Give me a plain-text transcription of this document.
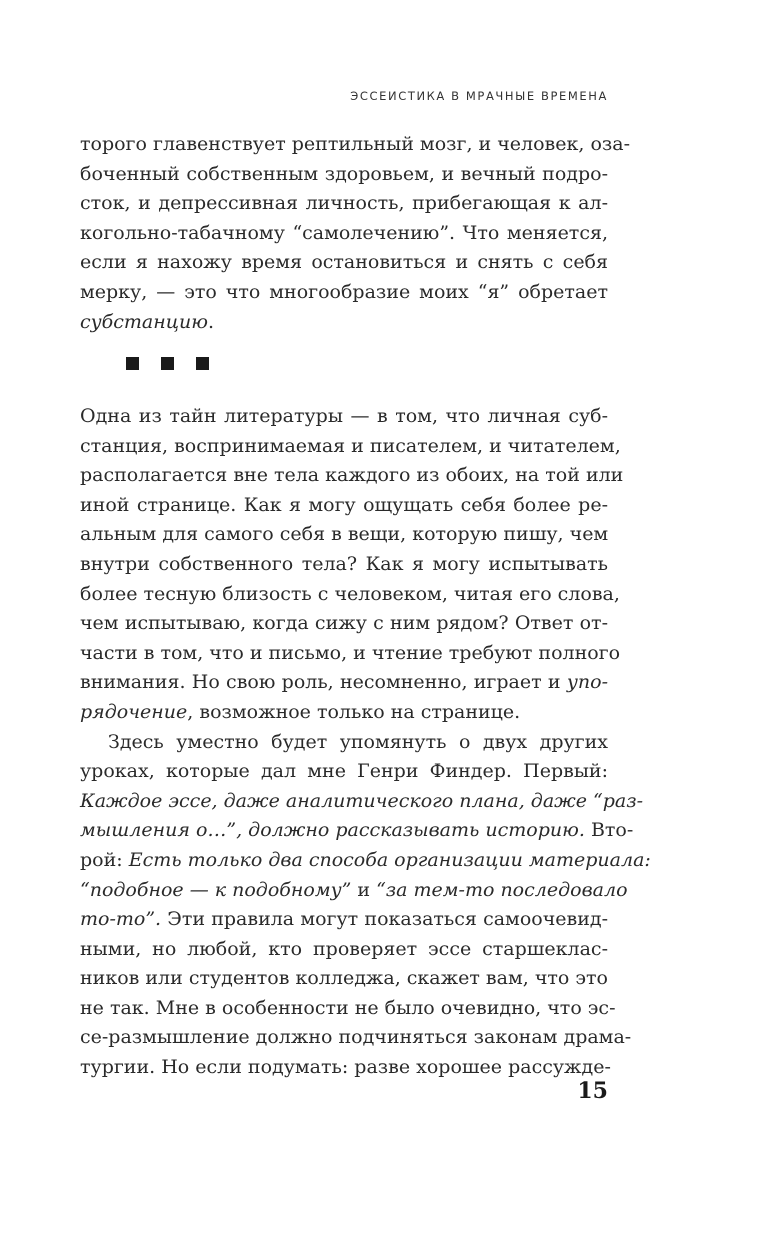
ЭССЕИСТИКА В МРАЧНЫЕ ВРЕМЕНА
торого главенствует рептильный мозг, и человек, оза-
боченный собственным здоровьем, и вечный подро-
сток, и депрессивная личность, прибегающая к ал-
когольно-табачному “самолечению”. Что меняется,
если я нахожу время остановиться и снять с себя
мерку, — это что многообразие моих “я” обретает
субстанцию.
Одна из тайн литературы — в том, что личная суб-
станция, воспринимаемая и писателем, и читателем,
располагается вне тела каждого из обоих, на той или
иной странице. Как я могу ощущать себя более ре-
альным для самого себя в вещи, которую пишу, чем
внутри собственного тела? Как я могу испытывать
более тесную близость с человеком, читая его слова,
чем испытываю, когда сижу с ним рядом? Ответ от-
части в том, что и письмо, и чтение требуют полного
внимания. Но свою роль, несомненно, играет и упо-
рядочение, возможное только на странице.
Здесь уместно будет упомянуть о двух других
уроках, которые дал мне Генри Финдер. Первый:
Каждое эссе, даже аналитического плана, даже “раз-
мышления о…”, должно рассказывать историю. Вто-
рой: Есть только два способа организации материала:
“подобное — к подобному” и “за тем-то последовало
то-то”. Эти правила могут показаться самоочевид-
ными, но любой, кто проверяет эссе старшеклас-
ников или студентов колледжа, скажет вам, что это
не так. Мне в особенности не было очевидно, что эс-
се-размышление должно подчиняться законам драма-
тургии. Но если подумать: разве хорошее рассужде-
15
